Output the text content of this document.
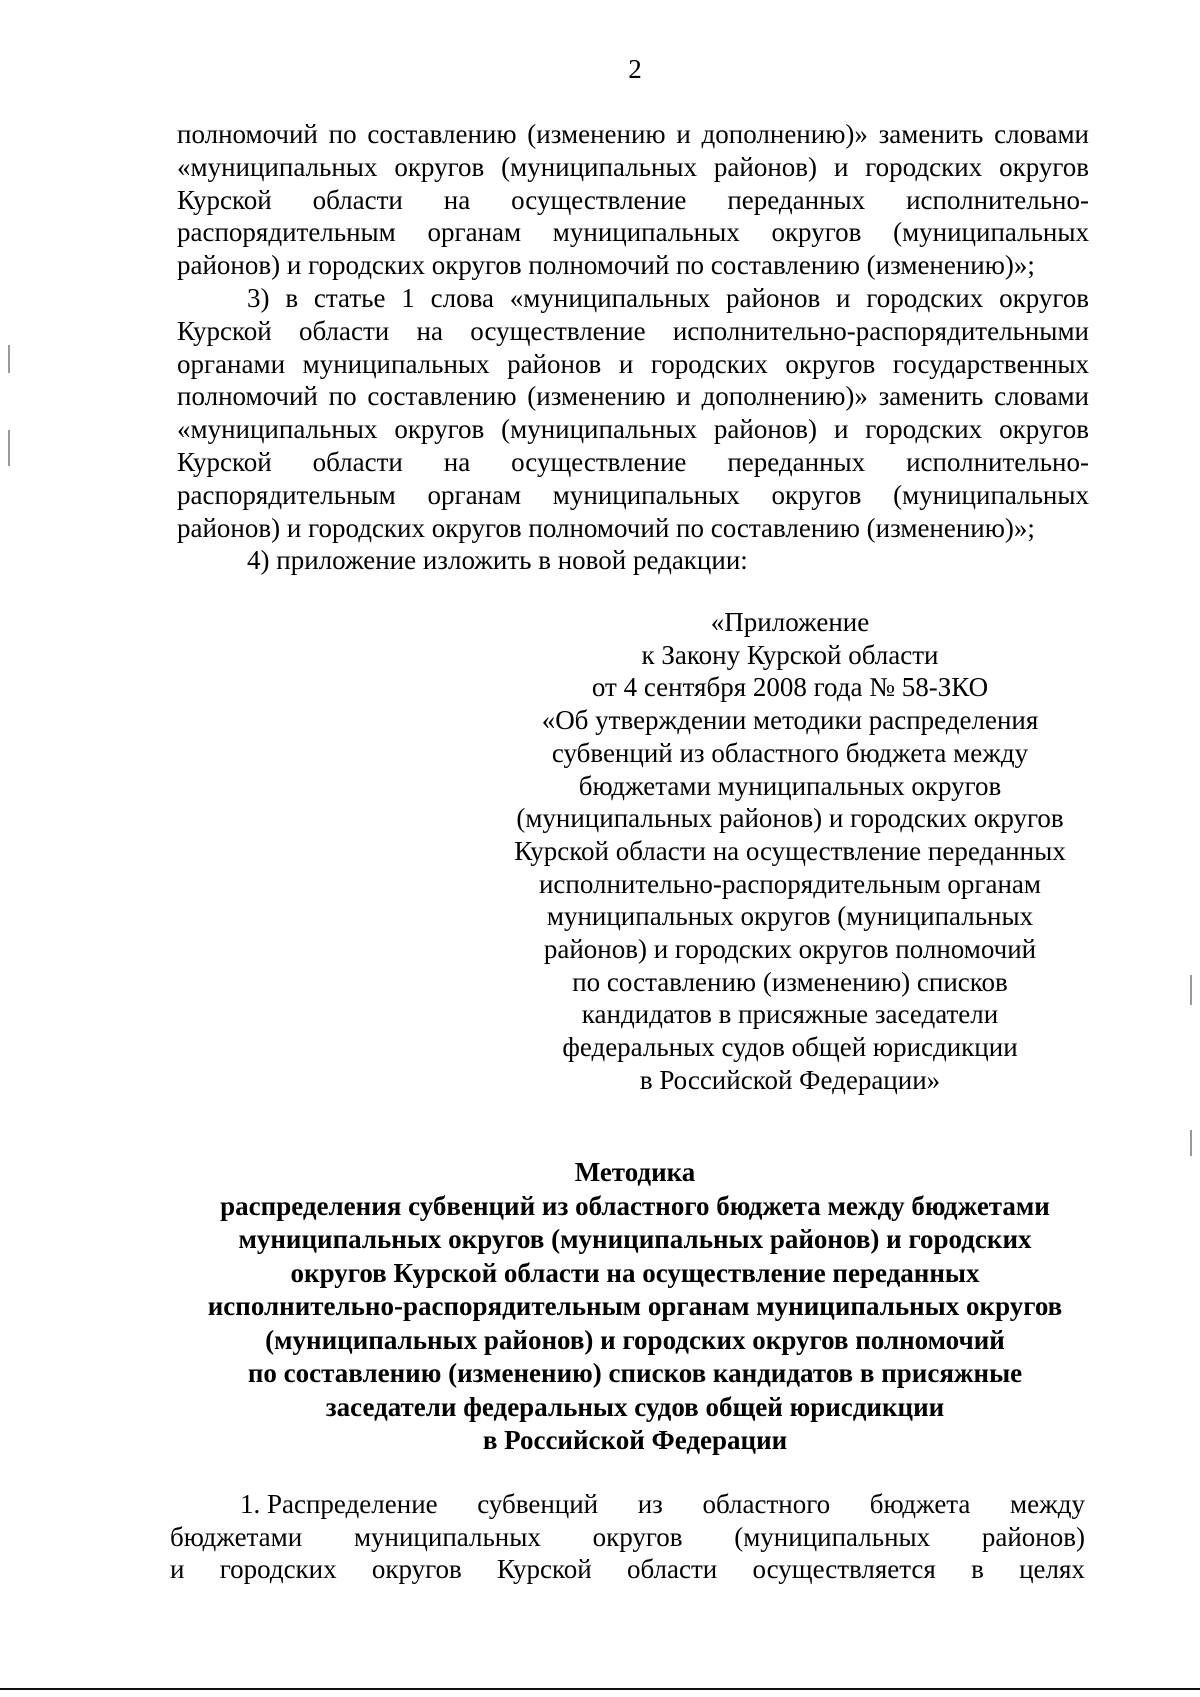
2

полномочий по составлению (изменению и дополнению)» заменить словами «муниципальных округов (муниципальных районов) и городских округов Курской области на осуществление переданных исполнительно-распорядительным органам муниципальных округов (муниципальных районов) и городских округов полномочий по составлению (изменению)»;

3) в статье 1 слова «муниципальных районов и городских округов Курской области на осуществление исполнительно-распорядительными органами муниципальных районов и городских округов государственных полномочий по составлению (изменению и дополнению)» заменить словами «муниципальных округов (муниципальных районов) и городских округов Курской области на осуществление переданных исполнительно-распорядительным органам муниципальных округов (муниципальных районов) и городских округов полномочий по составлению (изменению)»;

4) приложение изложить в новой редакции:

«Приложение
к Закону Курской области
от 4 сентября 2008 года № 58-ЗКО
«Об утверждении методики распределения
субвенций из областного бюджета между
бюджетами муниципальных округов
(муниципальных районов) и городских округов
Курской области на осуществление переданных
исполнительно-распорядительным органам
муниципальных округов (муниципальных
районов) и городских округов полномочий
по составлению (изменению) списков
кандидатов в присяжные заседатели
федеральных судов общей юрисдикции
в Российской Федерации»
Методика
распределения субвенций из областного бюджета между бюджетами
муниципальных округов (муниципальных районов) и городских
округов Курской области на осуществление переданных
исполнительно-распорядительным органам муниципальных округов
(муниципальных районов) и городских округов полномочий
по составлению (изменению) списков кандидатов в присяжные
заседатели федеральных судов общей юрисдикции
в Российской Федерации
1. Распределение субвенций из областного бюджета между
бюджетами муниципальных округов (муниципальных районов)
и городских округов Курской области осуществляется в целях
